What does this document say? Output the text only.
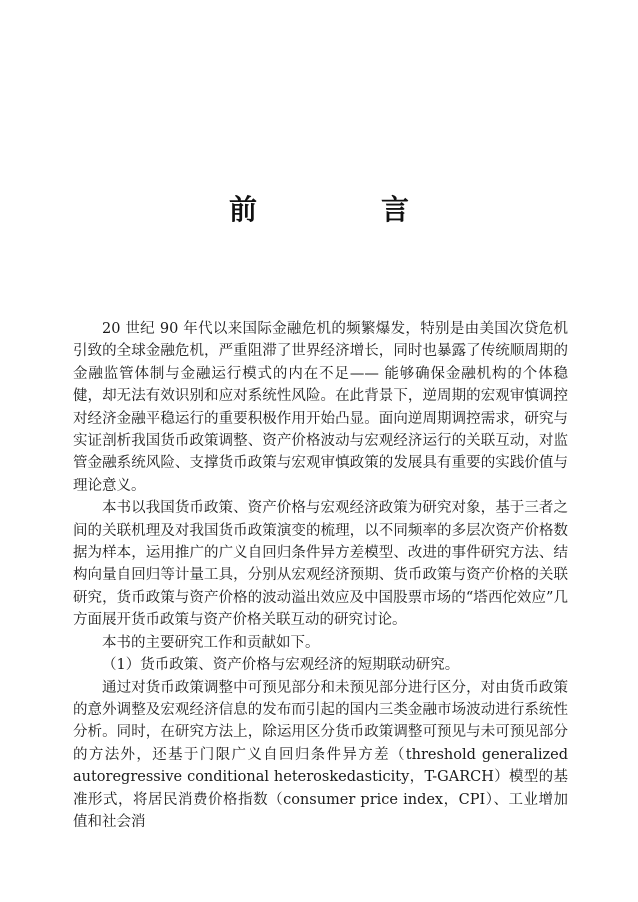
前　言

20 世纪 90 年代以来国际金融危机的频繁爆发，特别是由美国次贷危机引致的全球金融危机，严重阻滞了世界经济增长，同时也暴露了传统顺周期的金融监管体制与金融运行模式的内在不足—— 能够确保金融机构的个体稳健，却无法有效识别和应对系统性风险。在此背景下，逆周期的宏观审慎调控对经济金融平稳运行的重要积极作用开始凸显。面向逆周期调控需求，研究与实证剖析我国货币政策调整、资产价格波动与宏观经济运行的关联互动，对监管金融系统风险、支撑货币政策与宏观审慎政策的发展具有重要的实践价值与理论意义。

本书以我国货币政策、资产价格与宏观经济政策为研究对象，基于三者之间的关联机理及对我国货币政策演变的梳理，以不同频率的多层次资产价格数据为样本，运用推广的广义自回归条件异方差模型、改进的事件研究方法、结构向量自回归等计量工具，分别从宏观经济预期、货币政策与资产价格的关联研究，货币政策与资产价格的波动溢出效应及中国股票市场的“塔西佗效应”几方面展开货币政策与资产价格关联互动的研究讨论。

本书的主要研究工作和贡献如下。

（1）货币政策、资产价格与宏观经济的短期联动研究。

通过对货币政策调整中可预见部分和未预见部分进行区分，对由货币政策的意外调整及宏观经济信息的发布而引起的国内三类金融市场波动进行系统性分析。同时，在研究方法上，除运用区分货币政策调整可预见与未可预见部分的方法外，还基于门限广义自回归条件异方差（threshold generalized autoregressive conditional heteroskedasticity，T-GARCH）模型的基准形式，将居民消费价格指数（consumer price index，CPI）、工业增加值和社会消
